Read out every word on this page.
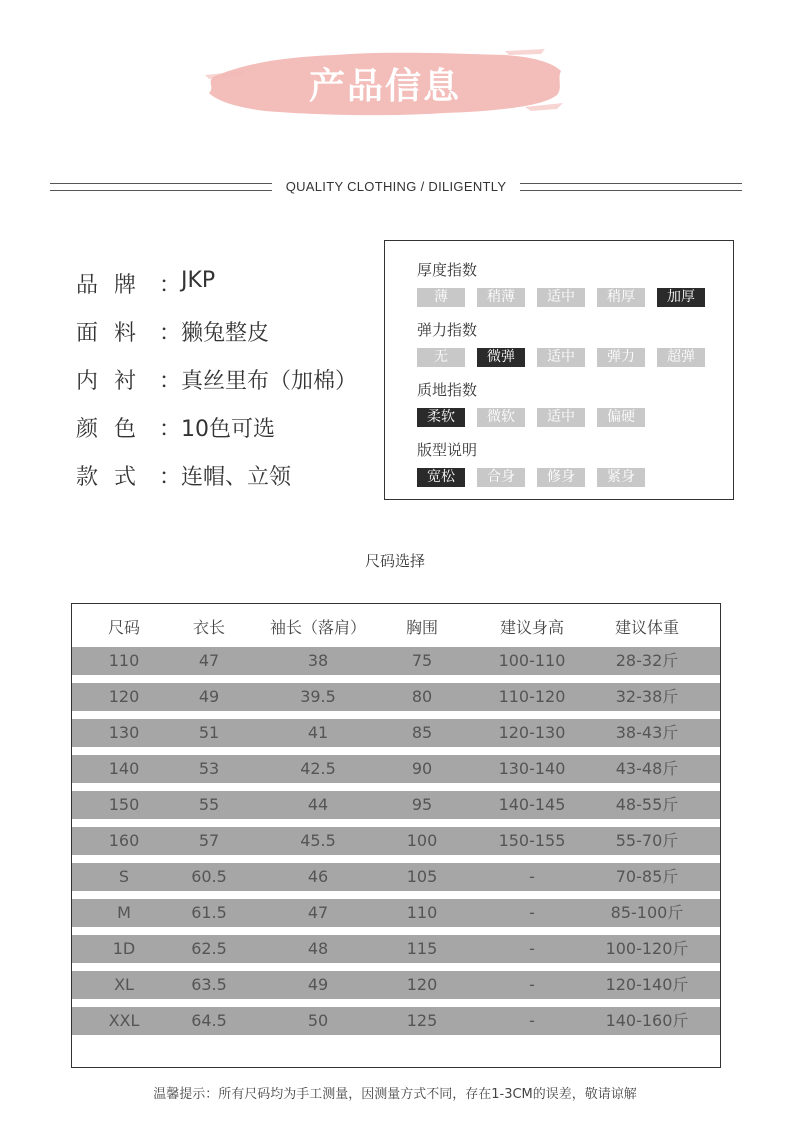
产品信息
QUALITY CLOTHING / DILIGENTLY
品 牌 ： JKP
面 料 ： 獭兔整皮
内 衬 ： 真丝里布（加棉）
颜 色 ： 10色可选
款 式 ： 连帽、立领
厚度指数
薄	稍薄	适中	稍厚	加厚
弹力指数
无	微弹	适中	弹力	超弹
质地指数
柔软	微软	适中	偏硬
版型说明
宽松	合身	修身	紧身
尺码选择
尺码	衣长	袖长（落肩）	胸围	建议身高	建议体重
110	47	38	75	100-110	28-32斤
120	49	39.5	80	110-120	32-38斤
130	51	41	85	120-130	38-43斤
140	53	42.5	90	130-140	43-48斤
150	55	44	95	140-145	48-55斤
160	57	45.5	100	150-155	55-70斤
S	60.5	46	105	-	70-85斤
M	61.5	47	110	-	85-100斤
1D	62.5	48	115	-	100-120斤
XL	63.5	49	120	-	120-140斤
XXL	64.5	50	125	-	140-160斤
温馨提示：所有尺码均为手工测量，因测量方式不同，存在1-3CM的误差，敬请谅解
